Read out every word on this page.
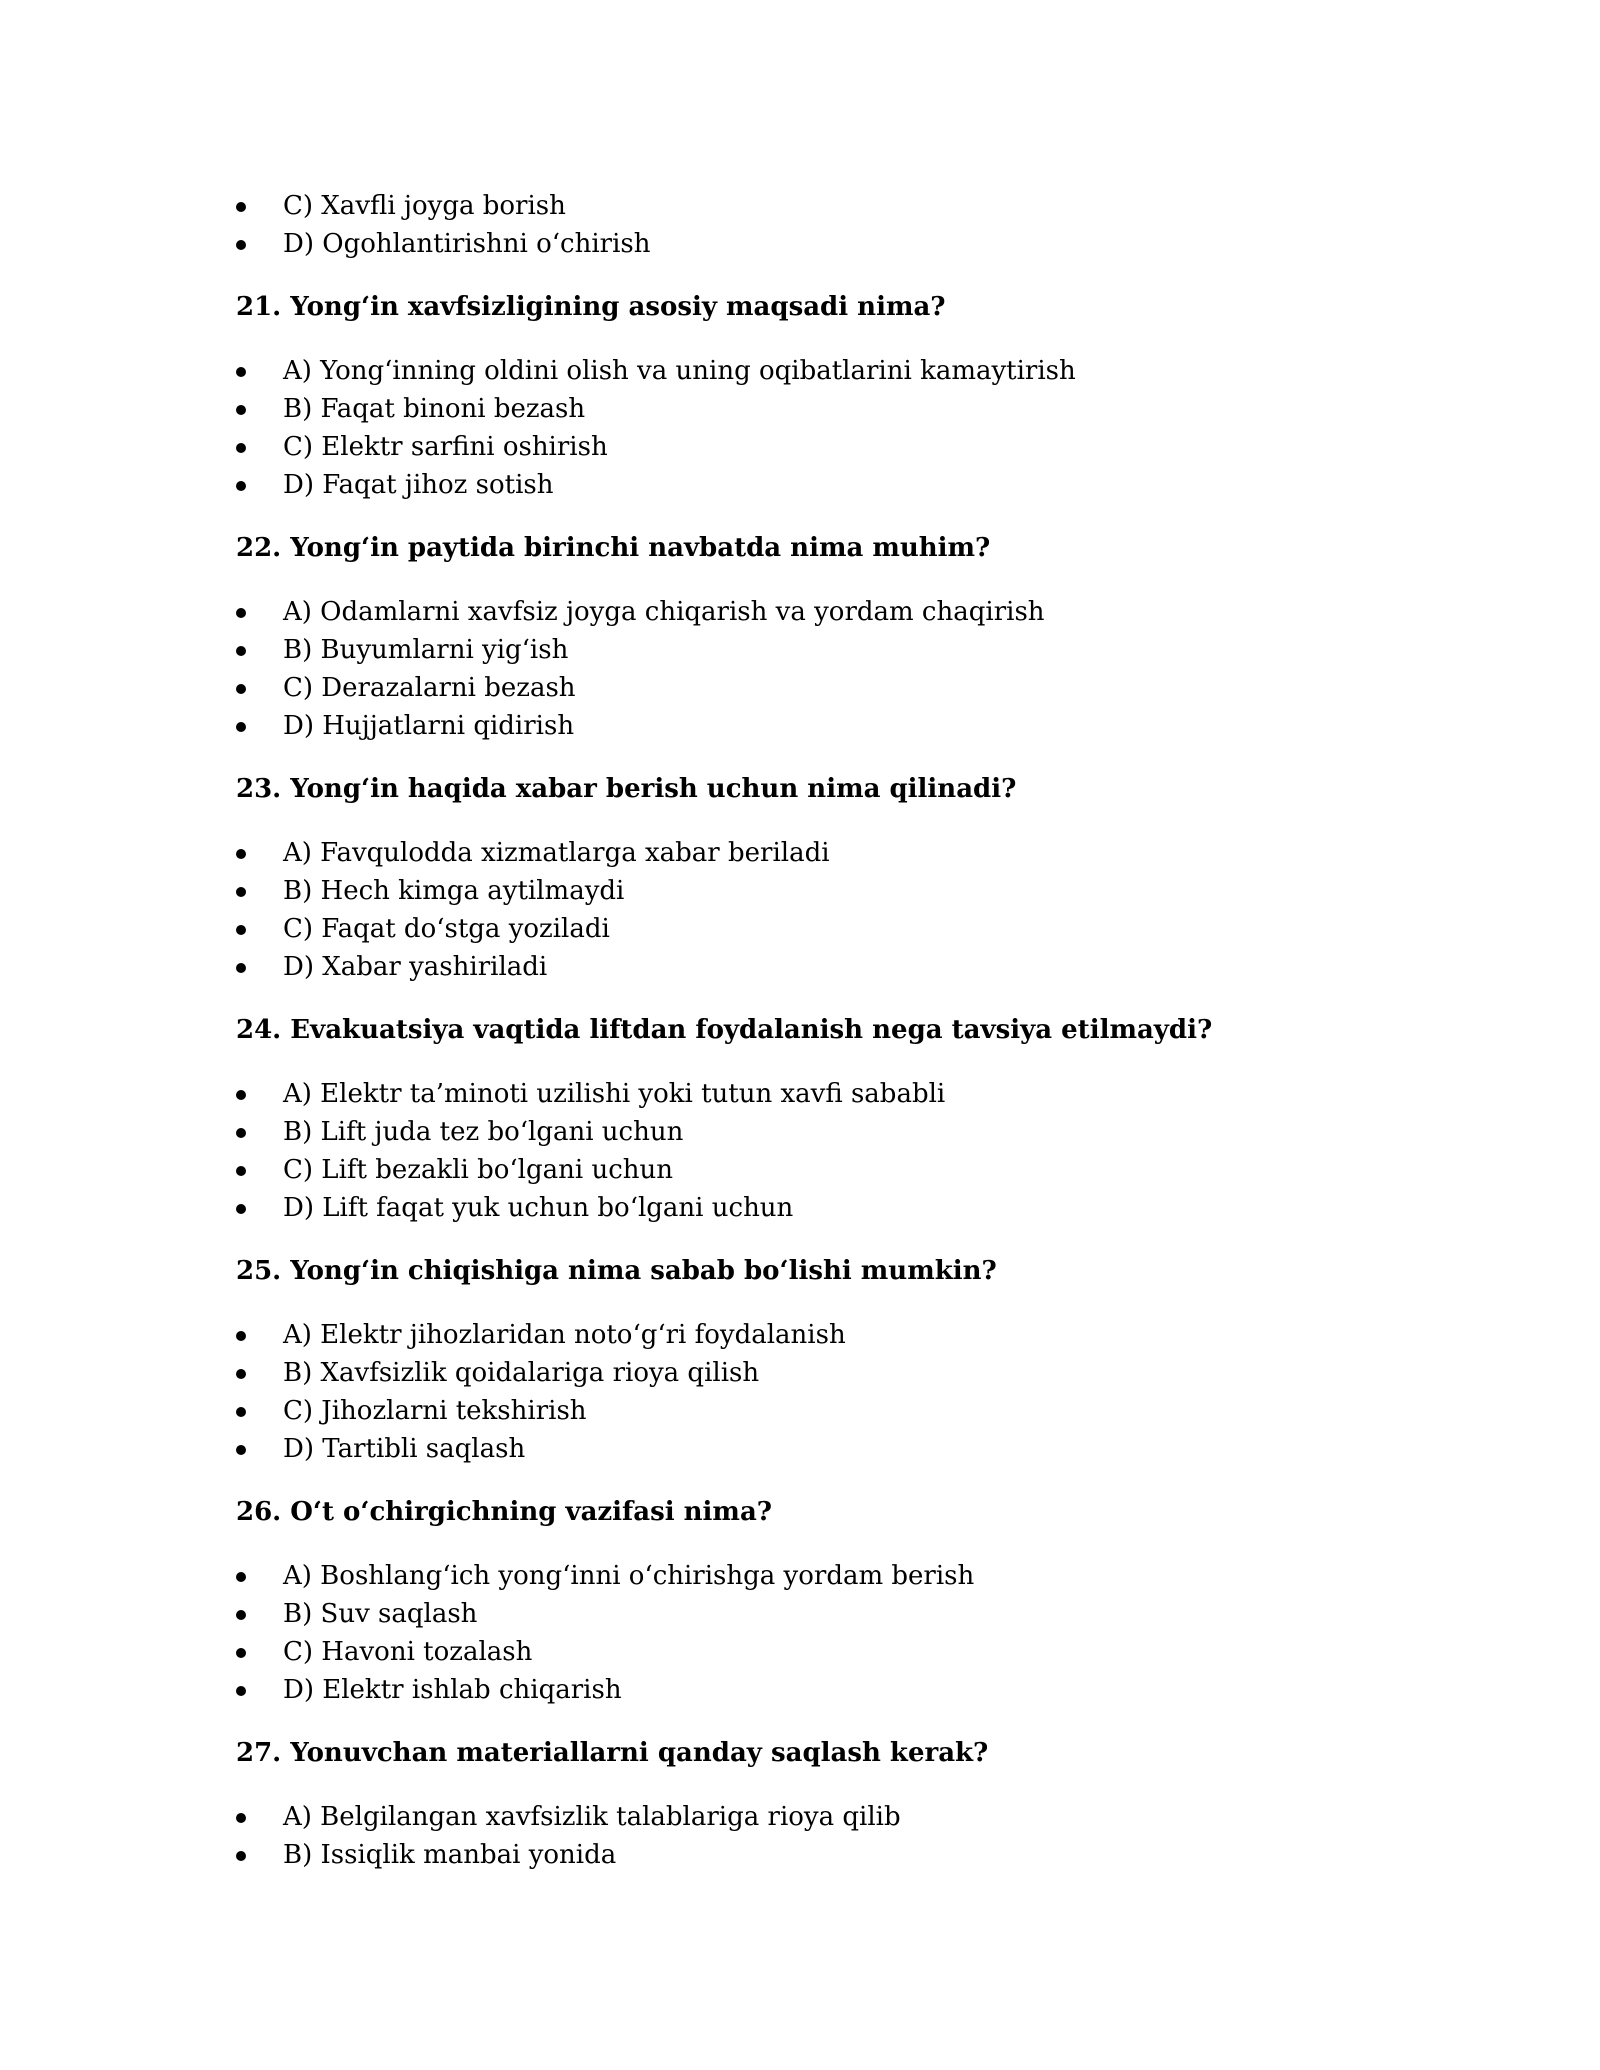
C) Xavfli joyga borish
D) Ogohlantirishni o‘chirish
21. Yong‘in xavfsizligining asosiy maqsadi nima?
A) Yong‘inning oldini olish va uning oqibatlarini kamaytirish
B) Faqat binoni bezash
C) Elektr sarfini oshirish
D) Faqat jihoz sotish
22. Yong‘in paytida birinchi navbatda nima muhim?
A) Odamlarni xavfsiz joyga chiqarish va yordam chaqirish
B) Buyumlarni yig‘ish
C) Derazalarni bezash
D) Hujjatlarni qidirish
23. Yong‘in haqida xabar berish uchun nima qilinadi?
A) Favqulodda xizmatlarga xabar beriladi
B) Hech kimga aytilmaydi
C) Faqat do‘stga yoziladi
D) Xabar yashiriladi
24. Evakuatsiya vaqtida liftdan foydalanish nega tavsiya etilmaydi?
A) Elektr ta’minoti uzilishi yoki tutun xavfi sababli
B) Lift juda tez bo‘lgani uchun
C) Lift bezakli bo‘lgani uchun
D) Lift faqat yuk uchun bo‘lgani uchun
25. Yong‘in chiqishiga nima sabab bo‘lishi mumkin?
A) Elektr jihozlaridan noto‘g‘ri foydalanish
B) Xavfsizlik qoidalariga rioya qilish
C) Jihozlarni tekshirish
D) Tartibli saqlash
26. O‘t o‘chirgichning vazifasi nima?
A) Boshlang‘ich yong‘inni o‘chirishga yordam berish
B) Suv saqlash
C) Havoni tozalash
D) Elektr ishlab chiqarish
27. Yonuvchan materiallarni qanday saqlash kerak?
A) Belgilangan xavfsizlik talablariga rioya qilib
B) Issiqlik manbai yonida
